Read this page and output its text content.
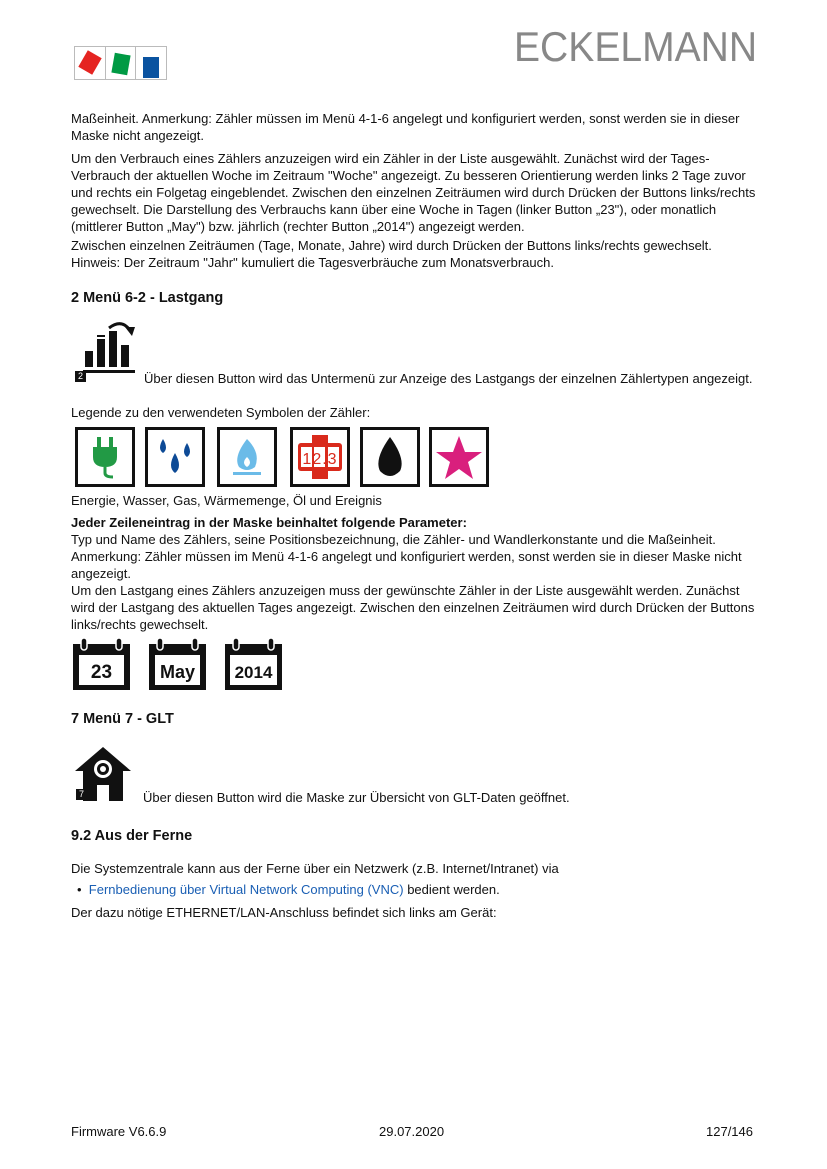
ECKELMANN

Maßeinheit. Anmerkung: Zähler müssen im Menü 4-1-6 angelegt und konfiguriert werden, sonst werden sie in dieser Maske nicht angezeigt.

Um den Verbrauch eines Zählers anzuzeigen wird ein Zähler in der Liste ausgewählt. Zunächst wird der Tages-Verbrauch der aktuellen Woche im Zeitraum "Woche" angezeigt. Zu besseren Orientierung werden links 2 Tage zuvor und rechts ein Folgetag eingeblendet. Zwischen den einzelnen Zeiträumen wird durch Drücken der Buttons links/rechts gewechselt. Die Darstellung des Verbrauchs kann über eine Woche in Tagen (linker Button „23"), oder monatlich (mittlerer Button „May") bzw. jährlich (rechter Button „2014") angezeigt werden.

Zwischen einzelnen Zeiträumen (Tage, Monate, Jahre) wird durch Drücken der Buttons links/rechts gewechselt. Hinweis: Der Zeitraum "Jahr" kumuliert die Tagesverbräuche zum Monatsverbrauch.

2 Menü 6-2 - Lastgang
2	Über diesen Button wird das Untermenü zur Anzeige des Lastgangs der einzelnen Zählertypen angezeigt.

Legende zu den verwendeten Symbolen der Zähler:

12.3

Energie, Wasser, Gas, Wärmemenge, Öl und Ereignis

Jeder Zeileneintrag in der Maske beinhaltet folgende Parameter:

Typ und Name des Zählers, seine Positionsbezeichnung, die Zähler- und Wandlerkonstante und die Maßeinheit. Anmerkung: Zähler müssen im Menü 4-1-6 angelegt und konfiguriert werden, sonst werden sie in dieser Maske nicht angezeigt.

Um den Lastgang eines Zählers anzuzeigen muss der gewünschte Zähler in der Liste ausgewählt werden. Zunächst wird der Lastgang des aktuellen Tages angezeigt. Zwischen den einzelnen Zeiträumen wird durch Drücken der Buttons links/rechts gewechselt.

23	May 2014
7 Menü 7 - GLT
7	Über diesen Button wird die Maske zur Übersicht von GLT-Daten geöffnet.

9.2 Aus der Ferne

Die Systemzentrale kann aus der Ferne über ein Netzwerk (z.B. Internet/Intranet) via

•  Fernbedienung über Virtual Network Computing (VNC) bedient werden.

Der dazu nötige ETHERNET/LAN-Anschluss befindet sich links am Gerät:

Firmware V6.6.9	29.07.2020	127/146
